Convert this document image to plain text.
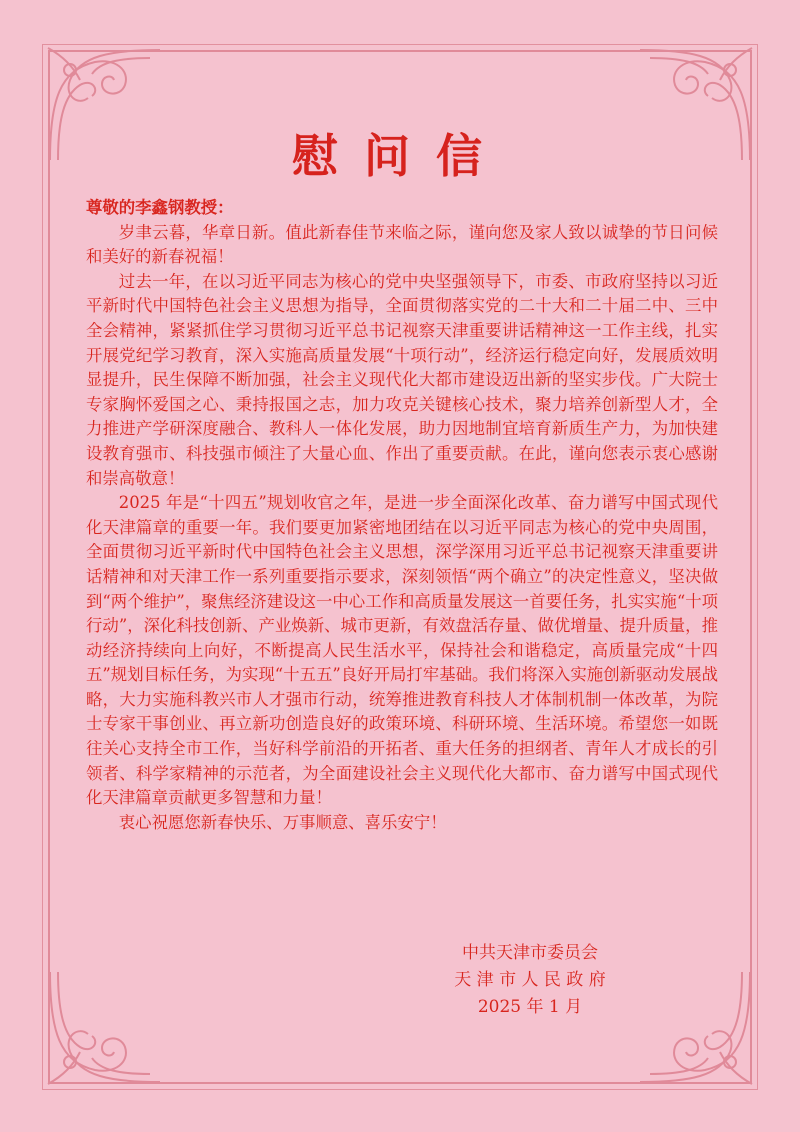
慰问信

尊敬的李鑫钢教授：

岁聿云暮，华章日新。值此新春佳节来临之际，谨向您及家人致以诚挚的节日问候和美好的新春祝福！

过去一年，在以习近平同志为核心的党中央坚强领导下，市委、市政府坚持以习近平新时代中国特色社会主义思想为指导，全面贯彻落实党的二十大和二十届二中、三中全会精神，紧紧抓住学习贯彻习近平总书记视察天津重要讲话精神这一工作主线，扎实开展党纪学习教育，深入实施高质量发展“十项行动”，经济运行稳定向好，发展质效明显提升，民生保障不断加强，社会主义现代化大都市建设迈出新的坚实步伐。广大院士专家胸怀爱国之心、秉持报国之志，加力攻克关键核心技术，聚力培养创新型人才，全力推进产学研深度融合、教科人一体化发展，助力因地制宜培育新质生产力，为加快建设教育强市、科技强市倾注了大量心血、作出了重要贡献。在此，谨向您表示衷心感谢和崇高敬意！

2025 年是“十四五”规划收官之年，是进一步全面深化改革、奋力谱写中国式现代化天津篇章的重要一年。我们要更加紧密地团结在以习近平同志为核心的党中央周围，全面贯彻习近平新时代中国特色社会主义思想，深学深用习近平总书记视察天津重要讲话精神和对天津工作一系列重要指示要求，深刻领悟“两个确立”的决定性意义，坚决做到“两个维护”，聚焦经济建设这一中心工作和高质量发展这一首要任务，扎实实施“十项行动”，深化科技创新、产业焕新、城市更新，有效盘活存量、做优增量、提升质量，推动经济持续向上向好，不断提高人民生活水平，保持社会和谐稳定，高质量完成“十四五”规划目标任务，为实现“十五五”良好开局打牢基础。我们将深入实施创新驱动发展战略，大力实施科教兴市人才强市行动，统筹推进教育科技人才体制机制一体改革，为院士专家干事创业、再立新功创造良好的政策环境、科研环境、生活环境。希望您一如既往关心支持全市工作，当好科学前沿的开拓者、重大任务的担纲者、青年人才成长的引领者、科学家精神的示范者，为全面建设社会主义现代化大都市、奋力谱写中国式现代化天津篇章贡献更多智慧和力量！

衷心祝愿您新春快乐、万事顺意、喜乐安宁！

中共天津市委员会
天 津 市 人 民 政 府
2025 年 1 月
